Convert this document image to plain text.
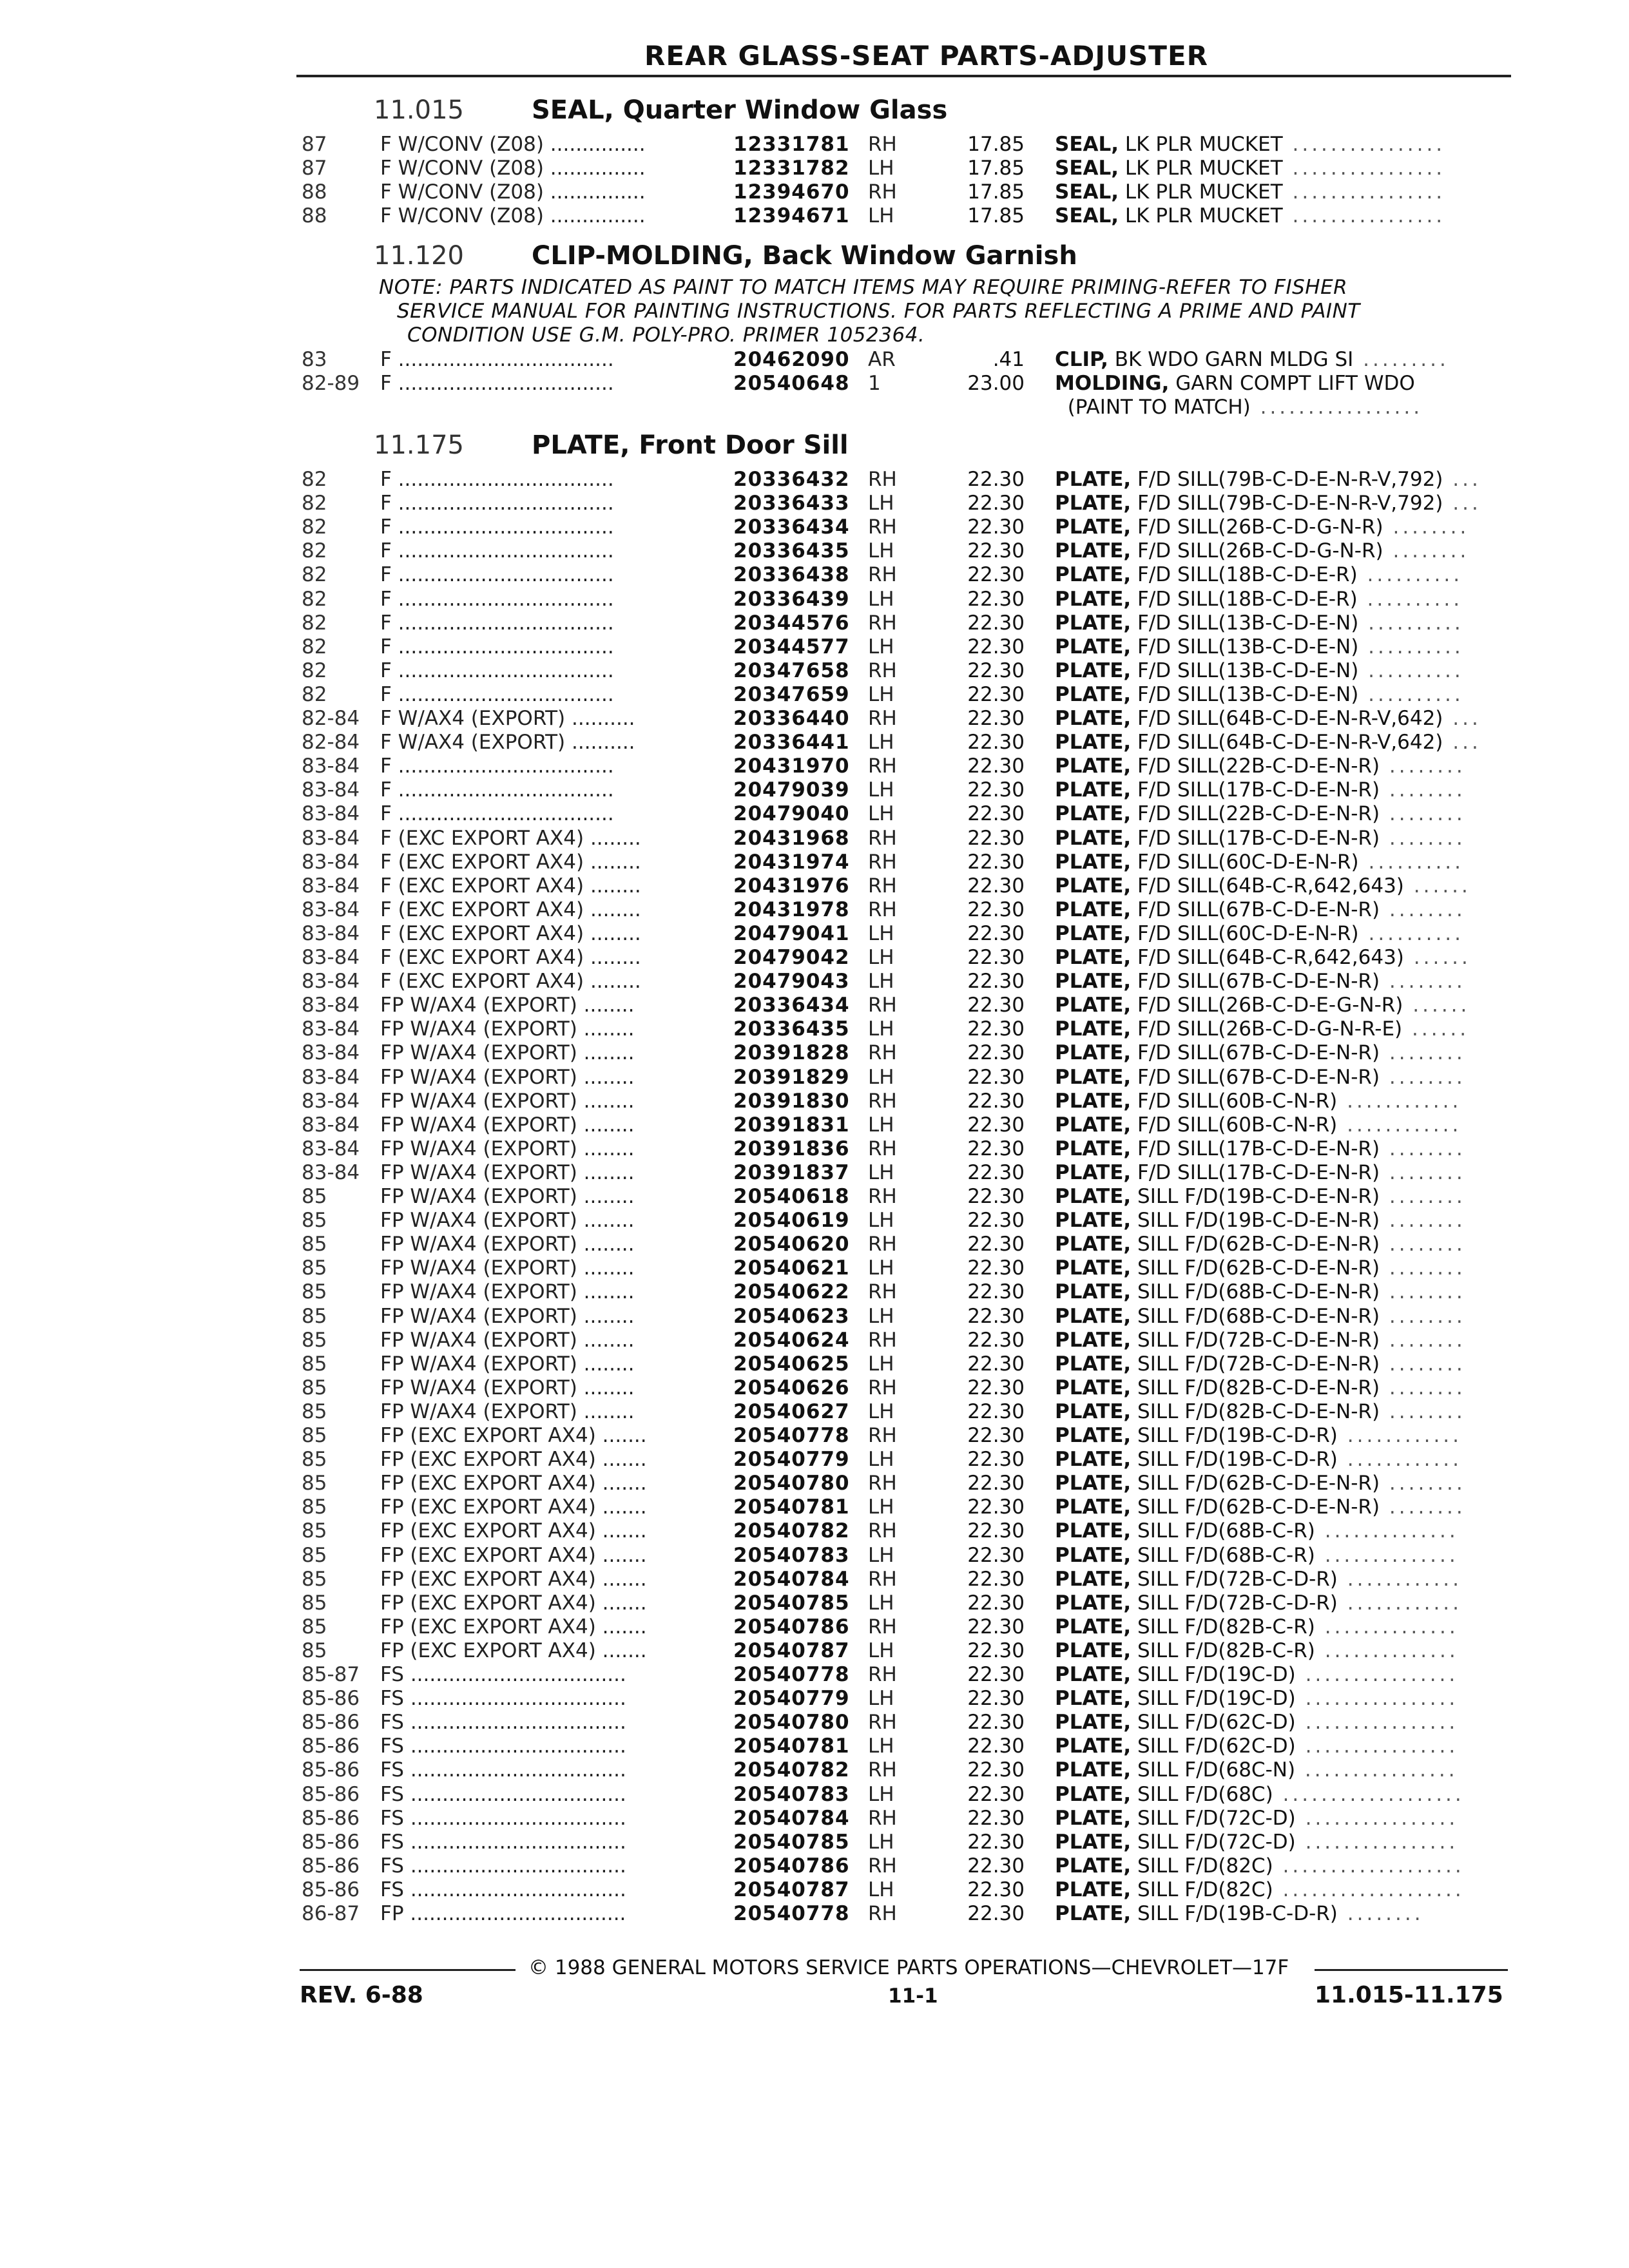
REAR GLASS-SEAT PARTS-ADJUSTER
11.015	SEAL, Quarter Window Glass
87	F W/CONV (Z08) ...............	12331781 RH	17.85 SEAL, LK PLR MUCKET ................
87	F W/CONV (Z08) ...............	12331782 LH	17.85 SEAL, LK PLR MUCKET ................
88	F W/CONV (Z08) ...............	12394670 RH	17.85 SEAL, LK PLR MUCKET ................
88	F W/CONV (Z08) ...............	12394671 LH	17.85 SEAL, LK PLR MUCKET ................
11.120	CLIP-MOLDING, Back Window Garnish
NOTE: PARTS INDICATED AS PAINT TO MATCH ITEMS MAY REQUIRE PRIMING-REFER TO FISHER
SERVICE MANUAL FOR PAINTING INSTRUCTIONS. FOR PARTS REFLECTING A PRIME AND PAINT
CONDITION USE G.M. POLY-PRO. PRIMER 1052364.
83	F ..................................	20462090 AR	.41 CLIP, BK WDO GARN MLDG SI .........
82-89 F ..................................	20540648 1	23.00 MOLDING, GARN COMPT LIFT WDO
(PAINT TO MATCH) .................
11.175	PLATE, Front Door Sill
82	F ..................................	20336432 RH	22.30 PLATE, F/D SILL(79B-C-D-E-N-R-V,792) ...
82	F ..................................	20336433 LH	22.30 PLATE, F/D SILL(79B-C-D-E-N-R-V,792) ...
82	F ..................................	20336434 RH	22.30 PLATE, F/D SILL(26B-C-D-G-N-R) ........
82	F ..................................	20336435 LH	22.30 PLATE, F/D SILL(26B-C-D-G-N-R) ........
82	F ..................................	20336438 RH	22.30 PLATE, F/D SILL(18B-C-D-E-R) ..........
82	F ..................................	20336439 LH	22.30 PLATE, F/D SILL(18B-C-D-E-R) ..........
82	F ..................................	20344576 RH	22.30 PLATE, F/D SILL(13B-C-D-E-N) ..........
82	F ..................................	20344577 LH	22.30 PLATE, F/D SILL(13B-C-D-E-N) ..........
82	F ..................................	20347658 RH	22.30 PLATE, F/D SILL(13B-C-D-E-N) ..........
82	F ..................................	20347659 LH	22.30 PLATE, F/D SILL(13B-C-D-E-N) ..........
82-84 F W/AX4 (EXPORT) ..........	20336440 RH	22.30 PLATE, F/D SILL(64B-C-D-E-N-R-V,642) ...
82-84 F W/AX4 (EXPORT) ..........	20336441 LH	22.30 PLATE, F/D SILL(64B-C-D-E-N-R-V,642) ...
83-84 F ..................................	20431970 RH	22.30 PLATE, F/D SILL(22B-C-D-E-N-R) ........
83-84 F ..................................	20479039 LH	22.30 PLATE, F/D SILL(17B-C-D-E-N-R) ........
83-84 F ..................................	20479040 LH	22.30 PLATE, F/D SILL(22B-C-D-E-N-R) ........
83-84 F (EXC EXPORT AX4) ........	20431968 RH	22.30 PLATE, F/D SILL(17B-C-D-E-N-R) ........
83-84 F (EXC EXPORT AX4) ........	20431974 RH	22.30 PLATE, F/D SILL(60C-D-E-N-R) ..........
83-84 F (EXC EXPORT AX4) ........	20431976 RH	22.30 PLATE, F/D SILL(64B-C-R,642,643) ......
83-84 F (EXC EXPORT AX4) ........	20431978 RH	22.30 PLATE, F/D SILL(67B-C-D-E-N-R) ........
83-84 F (EXC EXPORT AX4) ........	20479041 LH	22.30 PLATE, F/D SILL(60C-D-E-N-R) ..........
83-84 F (EXC EXPORT AX4) ........	20479042 LH	22.30 PLATE, F/D SILL(64B-C-R,642,643) ......
83-84 F (EXC EXPORT AX4) ........	20479043 LH	22.30 PLATE, F/D SILL(67B-C-D-E-N-R) ........
83-84 FP W/AX4 (EXPORT) ........	20336434 RH	22.30 PLATE, F/D SILL(26B-C-D-E-G-N-R) ......
83-84 FP W/AX4 (EXPORT) ........	20336435 LH	22.30 PLATE, F/D SILL(26B-C-D-G-N-R-E) ......
83-84 FP W/AX4 (EXPORT) ........	20391828 RH	22.30 PLATE, F/D SILL(67B-C-D-E-N-R) ........
83-84 FP W/AX4 (EXPORT) ........	20391829 LH	22.30 PLATE, F/D SILL(67B-C-D-E-N-R) ........
83-84 FP W/AX4 (EXPORT) ........	20391830 RH	22.30 PLATE, F/D SILL(60B-C-N-R) ............
83-84 FP W/AX4 (EXPORT) ........	20391831 LH	22.30 PLATE, F/D SILL(60B-C-N-R) ............
83-84 FP W/AX4 (EXPORT) ........	20391836 RH	22.30 PLATE, F/D SILL(17B-C-D-E-N-R) ........
83-84 FP W/AX4 (EXPORT) ........	20391837 LH	22.30 PLATE, F/D SILL(17B-C-D-E-N-R) ........
85	FP W/AX4 (EXPORT) ........	20540618 RH	22.30 PLATE, SILL F/D(19B-C-D-E-N-R) ........
85	FP W/AX4 (EXPORT) ........	20540619 LH	22.30 PLATE, SILL F/D(19B-C-D-E-N-R) ........
85	FP W/AX4 (EXPORT) ........	20540620 RH	22.30 PLATE, SILL F/D(62B-C-D-E-N-R) ........
85	FP W/AX4 (EXPORT) ........	20540621 LH	22.30 PLATE, SILL F/D(62B-C-D-E-N-R) ........
85	FP W/AX4 (EXPORT) ........	20540622 RH	22.30 PLATE, SILL F/D(68B-C-D-E-N-R) ........
85	FP W/AX4 (EXPORT) ........	20540623 LH	22.30 PLATE, SILL F/D(68B-C-D-E-N-R) ........
85	FP W/AX4 (EXPORT) ........	20540624 RH	22.30 PLATE, SILL F/D(72B-C-D-E-N-R) ........
85	FP W/AX4 (EXPORT) ........	20540625 LH	22.30 PLATE, SILL F/D(72B-C-D-E-N-R) ........
85	FP W/AX4 (EXPORT) ........	20540626 RH	22.30 PLATE, SILL F/D(82B-C-D-E-N-R) ........
85	FP W/AX4 (EXPORT) ........	20540627 LH	22.30 PLATE, SILL F/D(82B-C-D-E-N-R) ........
85	FP (EXC EXPORT AX4) .......	20540778 RH	22.30 PLATE, SILL F/D(19B-C-D-R) ............
85	FP (EXC EXPORT AX4) .......	20540779 LH	22.30 PLATE, SILL F/D(19B-C-D-R) ............
85	FP (EXC EXPORT AX4) .......	20540780 RH	22.30 PLATE, SILL F/D(62B-C-D-E-N-R) ........
85	FP (EXC EXPORT AX4) .......	20540781 LH	22.30 PLATE, SILL F/D(62B-C-D-E-N-R) ........
85	FP (EXC EXPORT AX4) .......	20540782 RH	22.30 PLATE, SILL F/D(68B-C-R) ..............
85	FP (EXC EXPORT AX4) .......	20540783 LH	22.30 PLATE, SILL F/D(68B-C-R) ..............
85	FP (EXC EXPORT AX4) .......	20540784 RH	22.30 PLATE, SILL F/D(72B-C-D-R) ............
85	FP (EXC EXPORT AX4) .......	20540785 LH	22.30 PLATE, SILL F/D(72B-C-D-R) ............
85	FP (EXC EXPORT AX4) .......	20540786 RH	22.30 PLATE, SILL F/D(82B-C-R) ..............
85	FP (EXC EXPORT AX4) .......	20540787 LH	22.30 PLATE, SILL F/D(82B-C-R) ..............
85-87 FS ..................................	20540778 RH	22.30 PLATE, SILL F/D(19C-D) ................
85-86 FS ..................................	20540779 LH	22.30 PLATE, SILL F/D(19C-D) ................
85-86 FS ..................................	20540780 RH	22.30 PLATE, SILL F/D(62C-D) ................
85-86 FS ..................................	20540781 LH	22.30 PLATE, SILL F/D(62C-D) ................
85-86 FS ..................................	20540782 RH	22.30 PLATE, SILL F/D(68C-N) ................
85-86 FS ..................................	20540783 LH	22.30 PLATE, SILL F/D(68C) ...................
85-86 FS ..................................	20540784 RH	22.30 PLATE, SILL F/D(72C-D) ................
85-86 FS ..................................	20540785 LH	22.30 PLATE, SILL F/D(72C-D) ................
85-86 FS ..................................	20540786 RH	22.30 PLATE, SILL F/D(82C) ...................
85-86 FS ..................................	20540787 LH	22.30 PLATE, SILL F/D(82C) ...................
86-87 FP ..................................	20540778 RH	22.30 PLATE, SILL F/D(19B-C-D-R) ........
© 1988 GENERAL MOTORS SERVICE PARTS OPERATIONS—CHEVROLET—17F
REV. 6-88	11-1	11.015-11.175
